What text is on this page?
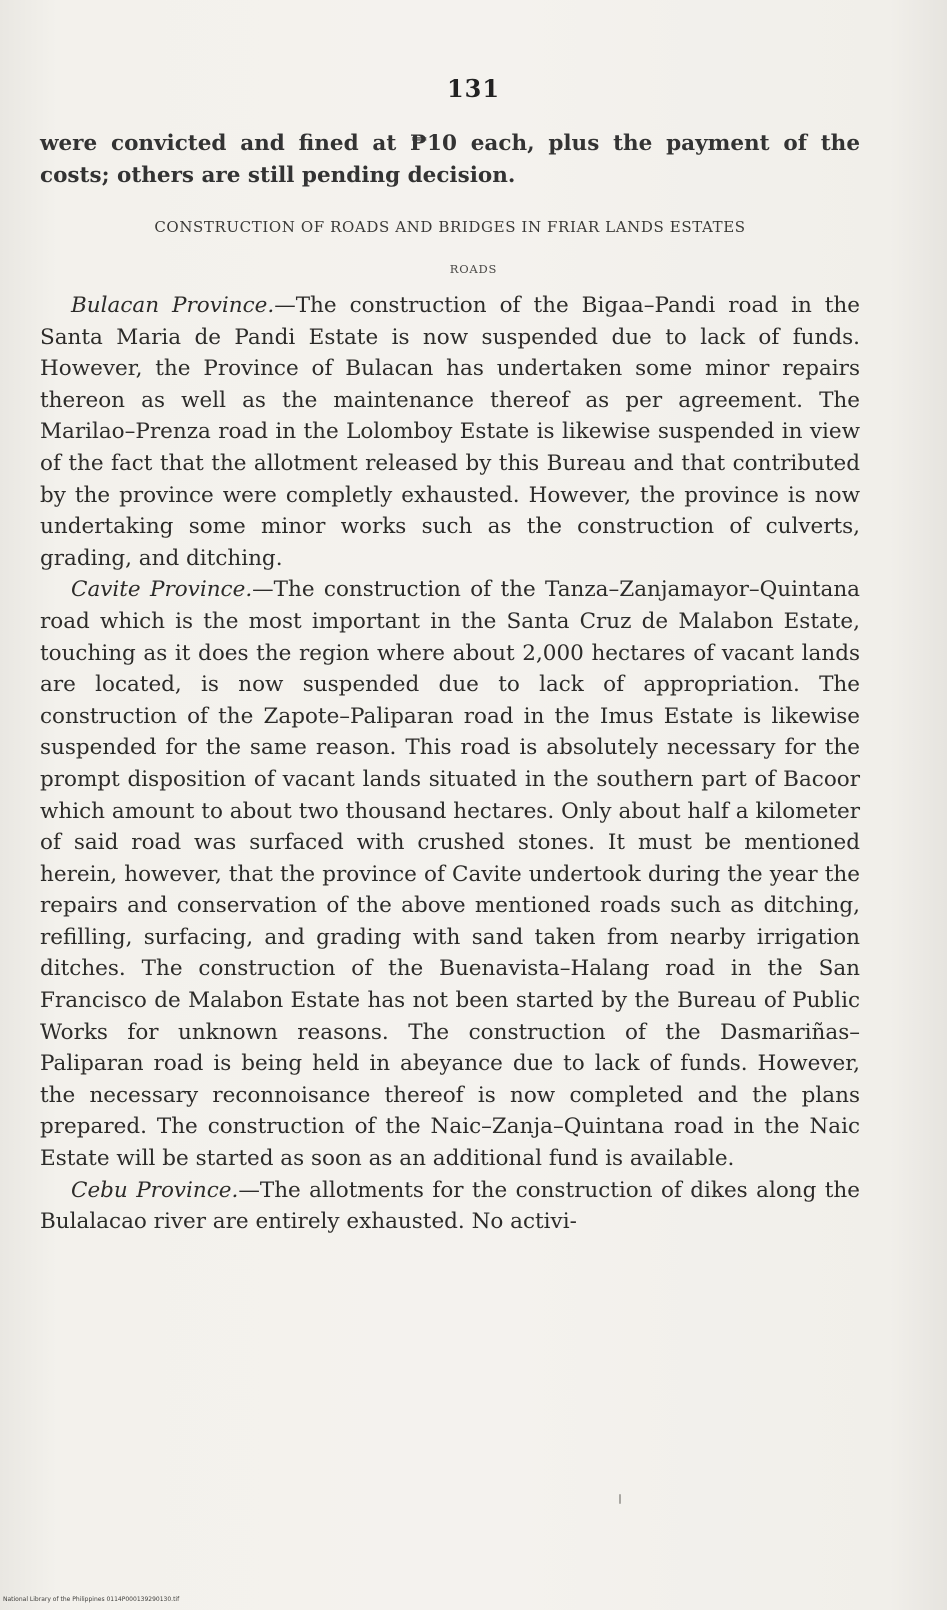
131
were convicted and fined at ₱10 each, plus the payment of the costs; others are still pending decision.
CONSTRUCTION OF ROADS AND BRIDGES IN FRIAR LANDS ESTATES
ROADS

Bulacan Province.—The construction of the Bigaa–Pandi road in the Santa Maria de Pandi Estate is now suspended due to lack of funds. However, the Province of Bulacan has undertaken some minor repairs thereon as well as the maintenance thereof as per agreement. The Marilao–Prenza road in the Lolomboy Estate is likewise suspended in view of the fact that the allotment released by this Bureau and that contributed by the province were completly exhausted. However, the province is now undertaking some minor works such as the construction of culverts, grading, and ditching.

Cavite Province.—The construction of the Tanza–Zanjamayor–Quintana road which is the most important in the Santa Cruz de Malabon Estate, touching as it does the region where about 2,000 hectares of vacant lands are located, is now suspended due to lack of appropriation. The construction of the Zapote–Paliparan road in the Imus Estate is likewise suspended for the same reason. This road is absolutely necessary for the prompt disposition of vacant lands situated in the southern part of Bacoor which amount to about two thousand hectares. Only about half a kilometer of said road was surfaced with crushed stones. It must be mentioned herein, however, that the province of Cavite undertook during the year the repairs and conservation of the above mentioned roads such as ditching, refilling, surfacing, and grading with sand taken from nearby irrigation ditches. The construction of the Buenavista–Halang road in the San Francisco de Malabon Estate has not been started by the Bureau of Public Works for unknown reasons. The construction of the Dasmariñas–Paliparan road is being held in abeyance due to lack of funds. However, the necessary reconnoisance thereof is now completed and the plans prepared. The construction of the Naic–Zanja–Quintana road in the Naic Estate will be started as soon as an additional fund is available.

Cebu Province.—The allotments for the construction of dikes along the Bulalacao river are entirely exhausted. No activi-

National Library of the Philippines 0114P000139290130.tif
